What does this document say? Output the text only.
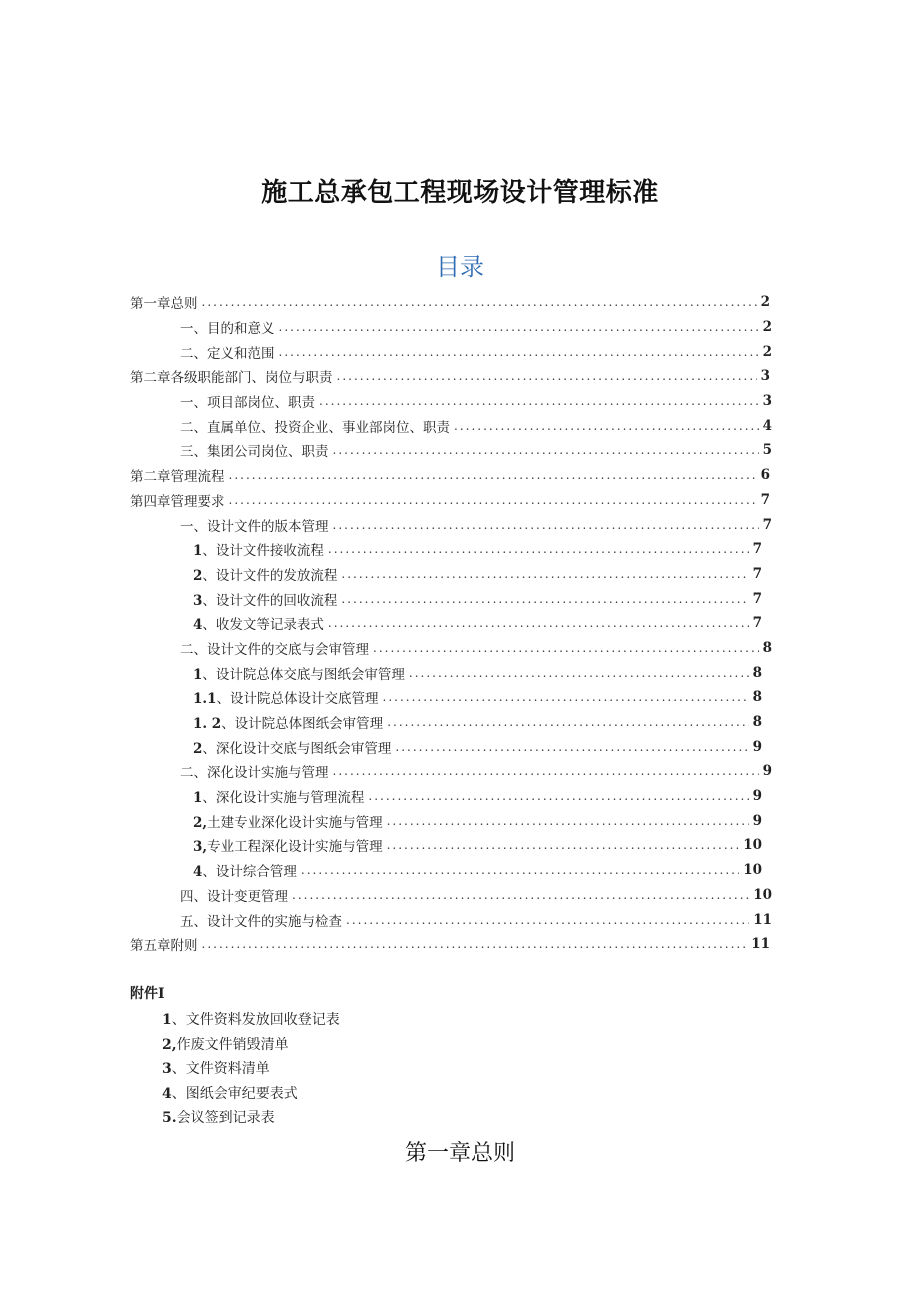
施工总承包工程现场设计管理标准
目录
第一章总则 .....	2
一、目的和意义 .....	2
二、定义和范围 .....	2
第二章各级职能部门、岗位与职责 .....	3
一、项目部岗位、职责 .....	3
二、直属单位、投资企业、事业部岗位、职责 .....	4
三、集团公司岗位、职责 .....	5
第二章管理流程 .....	6
第四章管理要求 .....	7
一、设计文件的版本管理 .....	7
1、设计文件接收流程 .....	7
2、设计文件的发放流程 .....	7
3、设计文件的回收流程 .....	7
4、收发文等记录表式 .....	7
二、设计文件的交底与会审管理 .....	8
1、设计院总体交底与图纸会审管理 .....	8
1.1、设计院总体设计交底管理 .....	8
1. 2、设计院总体图纸会审管理 .....	8
2、深化设计交底与图纸会审管理 .....	9
二、深化设计实施与管理 .....	9
1、深化设计实施与管理流程 .....	9
2,土建专业深化设计实施与管理 .....	9
3,专业工程深化设计实施与管理 .....	10
4、设计综合管理 .....	10
四、设计变更管理 .....	10
五、设计文件的实施与检查 .....	11
第五章附则 .....	11
附件I
1、文件资料发放回收登记表
2,作废文件销毁清单
3、文件资料清单
4、图纸会审纪要表式
5.会议签到记录表
第一章总则
